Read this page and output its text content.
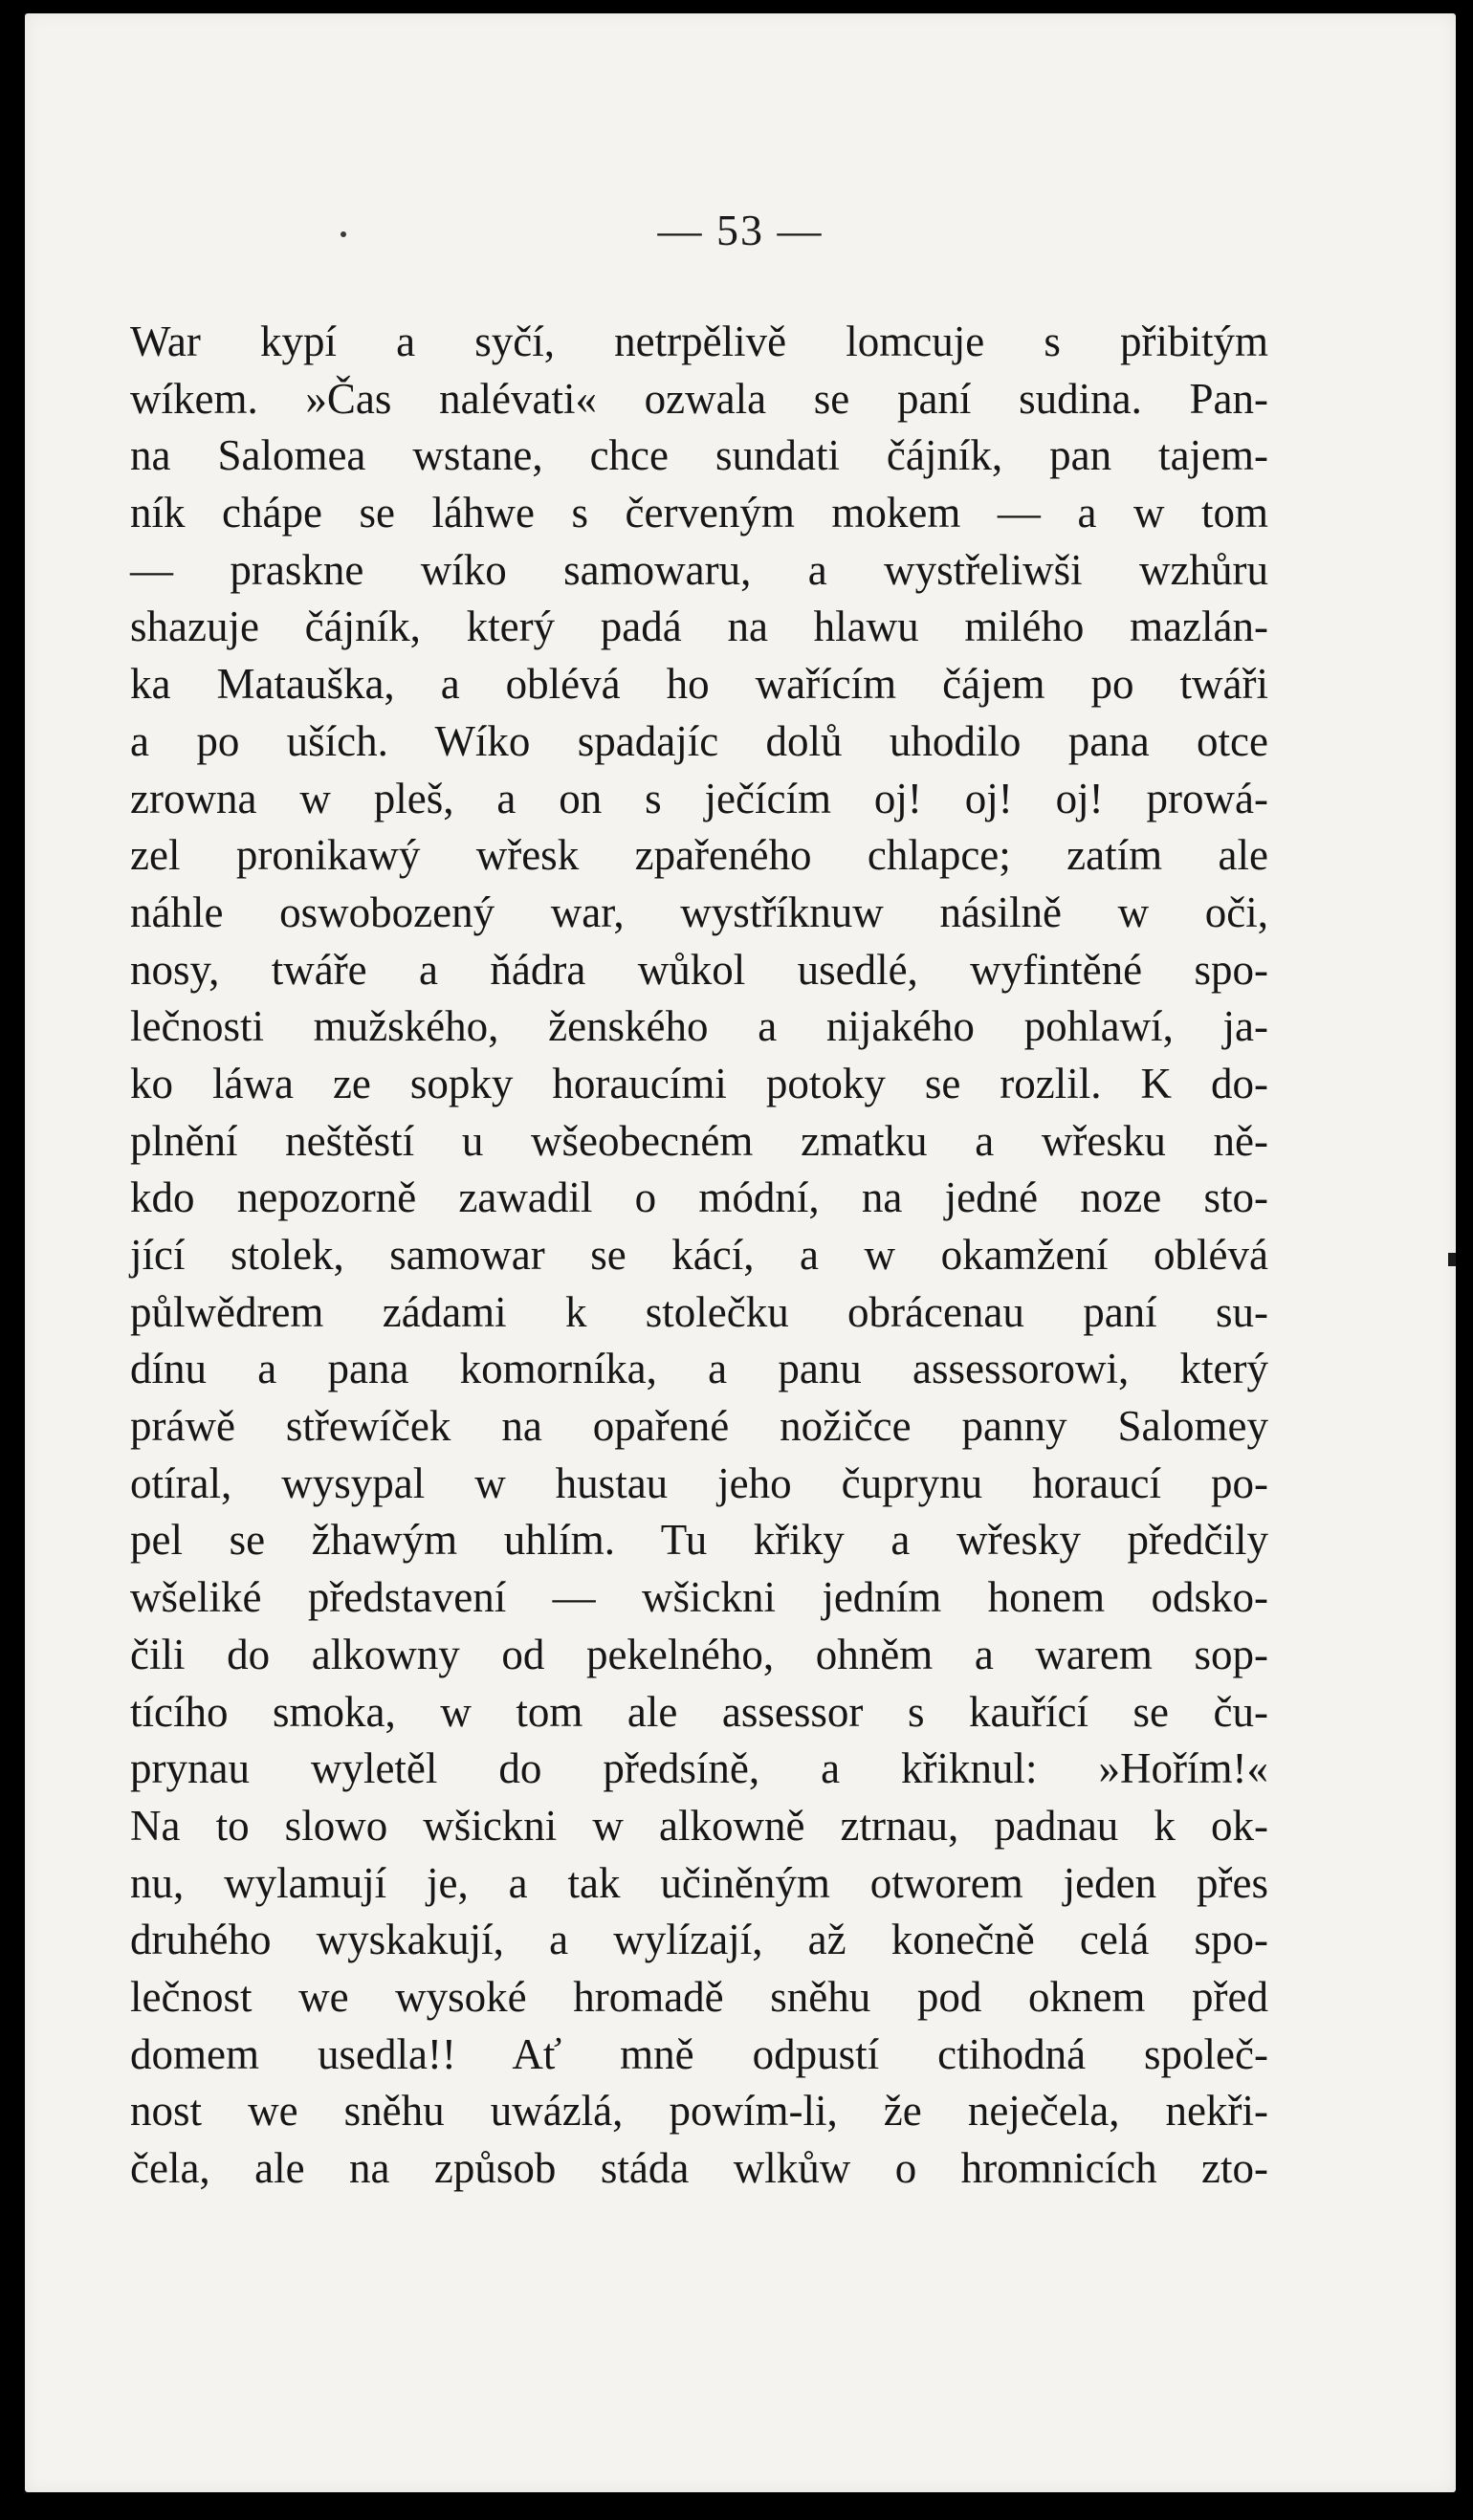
— 53 —
War kypí a syčí, netrpělivě lomcuje s přibitým
wíkem. »Čas nalévati« ozwala se paní sudina. Pan-
na Salomea wstane, chce sundati čájník, pan tajem-
ník chápe se láhwe s červeným mokem — a w tom
— praskne wíko samowaru, a wystřeliwši wzhůru
shazuje čájník, který padá na hlawu milého mazlán-
ka Matauška, a oblévá ho wařícím čájem po twáři
a po uších. Wíko spadajíc dolů uhodilo pana otce
zrowna w pleš, a on s ječícím oj! oj! oj! prowá-
zel pronikawý wřesk zpařeného chlapce; zatím ale
náhle oswobozený war, wystříknuw násilně w oči,
nosy, twáře a ňádra wůkol usedlé, wyfintěné spo-
lečnosti mužského, ženského a nijakého pohlawí, ja-
ko láwa ze sopky horaucími potoky se rozlil. K do-
plnění neštěstí u wšeobecném zmatku a wřesku ně-
kdo nepozorně zawadil o módní, na jedné noze sto-
jící stolek, samowar se kácí, a w okamžení oblévá
půlwědrem zádami k stolečku obrácenau paní su-
dínu a pana komorníka, a panu assessorowi, který
práwě střewíček na opařené nožičce panny Salomey
otíral, wysypal w hustau jeho čuprynu horaucí po-
pel se žhawým uhlím. Tu křiky a wřesky předčily
wšeliké představení — wšickni jedním honem odsko-
čili do alkowny od pekelného, ohněm a warem sop-
tícího smoka, w tom ale assessor s kauřící se ču-
prynau wyletěl do předsíně, a křiknul: »Hořím!«
Na to slowo wšickni w alkowně ztrnau, padnau k ok-
nu, wylamují je, a tak učiněným otworem jeden přes
druhého wyskakují, a wylízají, až konečně celá spo-
lečnost we wysoké hromadě sněhu pod oknem před
domem usedla!! Ať mně odpustí ctihodná společ-
nost we sněhu uwázlá, powím-li, že neječela, nekři-
čela, ale na způsob stáda wlkůw o hromnicích zto-
